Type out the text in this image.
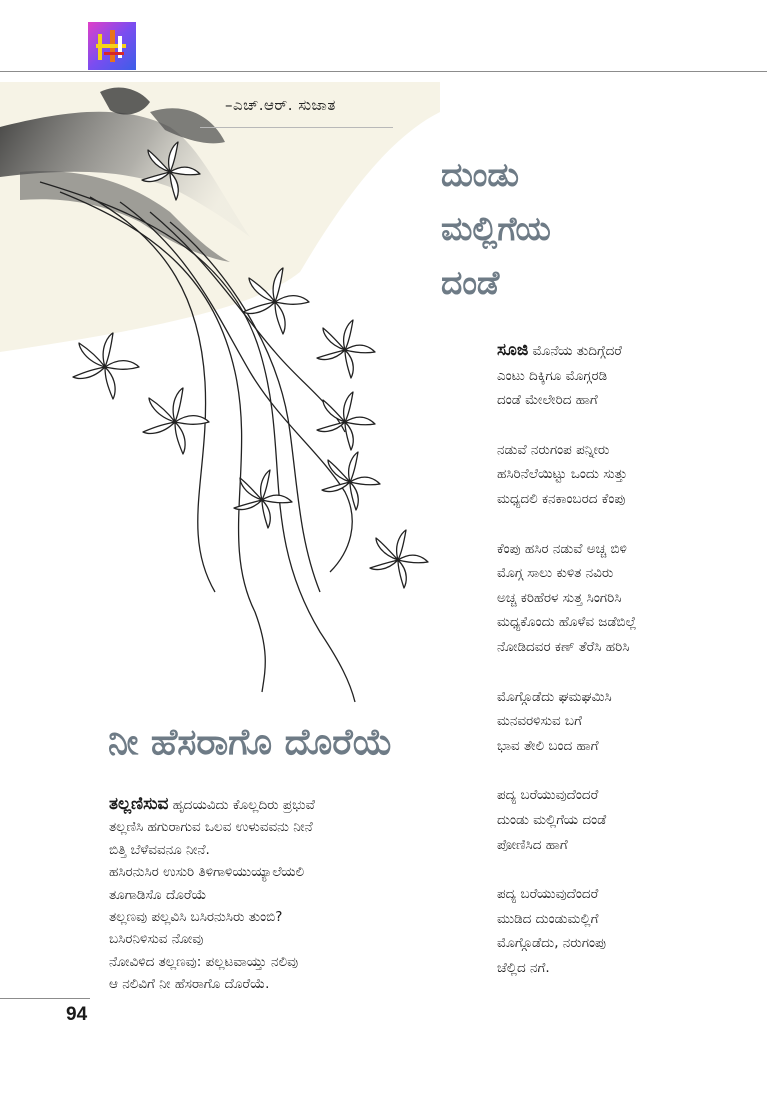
–ಎಚ್.ಆರ್. ಸುಜಾತ
ದುಂಡು
ಮಲ್ಲಿಗೆಯ
ದಂಡೆ
ಸೂಜಿ ಮೊನೆಯ ತುದಿಗ್ಗೆದರೆ
ಎಂಟು ದಿಕ್ಕಿಗೂ ಮೊಗ್ಗರಡಿ
ದಂಡೆ ಮೇಲೇರಿದ ಹಾಗೆ
ನಡುವೆ ನರುಗಂಪ ಪನ್ನೀರು
ಹಸಿರಿನೆಲೆಯಿಟ್ಟು ಒಂದು ಸುತ್ತು
ಮಧ್ಯದಲಿ ಕನಕಾಂಬರದ ಕೆಂಪು
ಕೆಂಪು ಹಸಿರ ನಡುವೆ ಅಚ್ಚ ಬಿಳಿ
ಮೊಗ್ಗ ಸಾಲು ಕುಳಿತ ನವಿರು
ಅಚ್ಚ ಕರಿಹೆರಳ ಸುತ್ತ ಸಿಂಗರಿಸಿ
ಮಧ್ಯಕೊಂದು ಹೊಳೆವ ಜಡೆಬಿಲ್ಲೆ
ನೋಡಿದವರ ಕಣ್ ತೆರೆಸಿ ಹರಿಸಿ
ಮೊಗ್ಗೊಡೆದು ಘಮಘಮಿಸಿ
ಮನವರಳಿಸುವ ಬಗೆ
ಭಾವ ತೇಲಿ ಬಂದ ಹಾಗೆ
ಪದ್ಯ ಬರೆಯುವುದೆಂದರೆ
ದುಂಡು ಮಲ್ಲಿಗೆಯ ದಂಡೆ
ಪೋಣಿಸಿದ ಹಾಗೆ
ಪದ್ಯ ಬರೆಯುವುದೆಂದರೆ
ಮುಡಿದ ದುಂಡುಮಲ್ಲಿಗೆ
ಮೊಗ್ಗೊಡೆದು, ನರುಗಂಪು
ಚೆಲ್ಲಿದ ನಗೆ.
ನೀ ಹೆಸರಾಗೊ ದೊರೆಯೆ
ತಲ್ಲಣಿಸುವ ಹೃದಯವಿದು ಕೊಲ್ಲದಿರು ಪ್ರಭುವೆ
ತಲ್ಲಣಿಸಿ ಹಗುರಾಗುವ ಒಲವ ಉಳುವವನು ನೀನೆ
ಬಿತ್ತಿ ಬೆಳೆವವನೂ ನೀನೆ.
ಹಸಿರನುಸಿರ ಉಸುರಿ ತಿಳಿಗಾಳಿಯುಯ್ಯಾಲೆಯಲಿ
ತೂಗಾಡಿಸೊ ದೊರೆಯೆ
ತಲ್ಲಣವು ಪಲ್ಲವಿಸಿ ಬಸಿರನುಸಿರು ತುಂಬಿ?
ಬಸಿರನಿಳಿಸುವ ನೋವು
ನೋವಿಳಿದ ತಲ್ಲಣವು: ಪಲ್ಲಟವಾಯ್ತು ನಲಿವು
ಆ ನಲಿವಿಗೆ ನೀ ಹೆಸರಾಗೊ ದೊರೆಯೆ.
94
